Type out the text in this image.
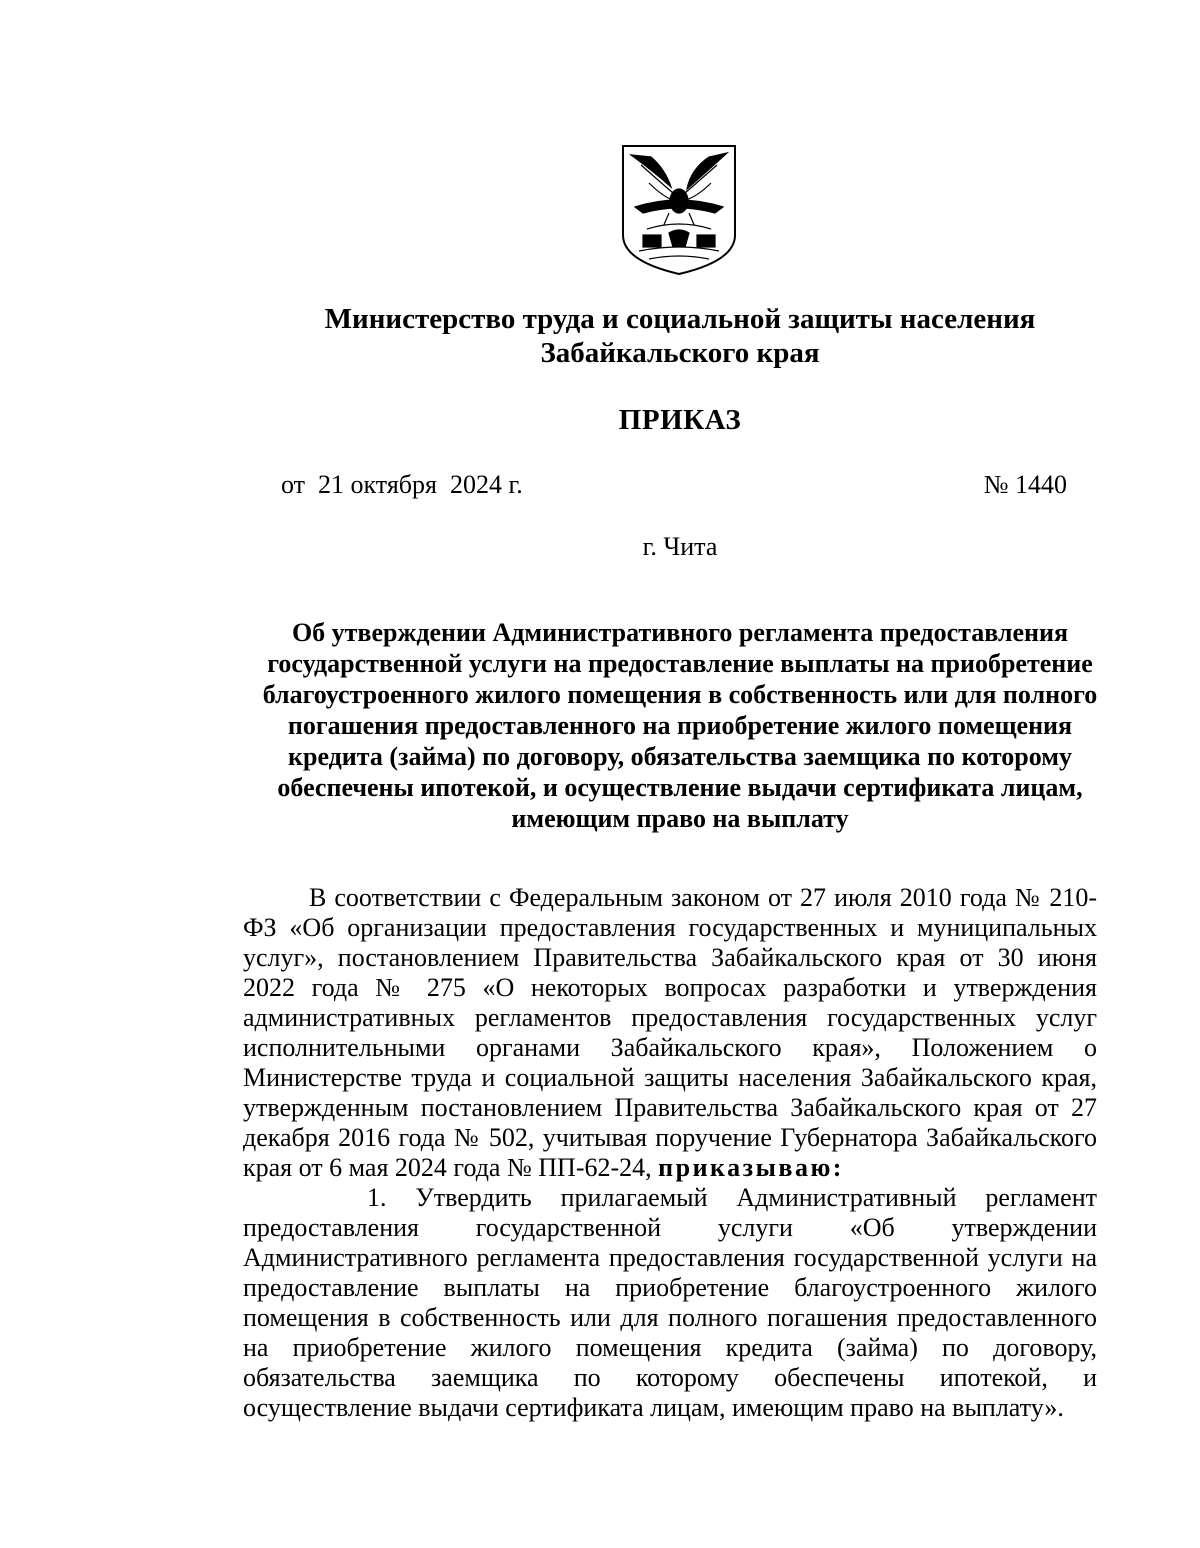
Министерство труда и социальной защиты населения
Забайкальского края
ПРИКАЗ
от  21 октября  2024 г.	№ 1440
г. Чита
Об утверждении Административного регламента предоставления государственной услуги на предоставление выплаты на приобретение благоустроенного жилого помещения в собственность или для полного погашения предоставленного на приобретение жилого помещения кредита (займа) по договору, обязательства заемщика по которому обеспечены ипотекой, и осуществление выдачи сертификата лицам, имеющим право на выплату

В соответствии с Федеральным законом от 27 июля 2010 года № 210-ФЗ «Об организации предоставления государственных и муниципальных услуг», постановлением Правительства Забайкальского края от 30 июня 2022 года № 275 «О некоторых вопросах разработки и утверждения административных регламентов предоставления государственных услуг исполнительными органами Забайкальского края», Положением о Министерстве труда и социальной защиты населения Забайкальского края, утвержденным постановлением Правительства Забайкальского края от 27 декабря 2016 года № 502, учитывая поручение Губернатора Забайкальского края от 6 мая 2024 года № ПП-62-24, приказываю:

1. Утвердить прилагаемый Административный регламент предоставления государственной услуги «Об утверждении Административного регламента предоставления государственной услуги на предоставление выплаты на приобретение благоустроенного жилого помещения в собственность или для полного погашения предоставленного на приобретение жилого помещения кредита (займа) по договору, обязательства заемщика по которому обеспечены ипотекой, и осуществление выдачи сертификата лицам, имеющим право на выплату».
